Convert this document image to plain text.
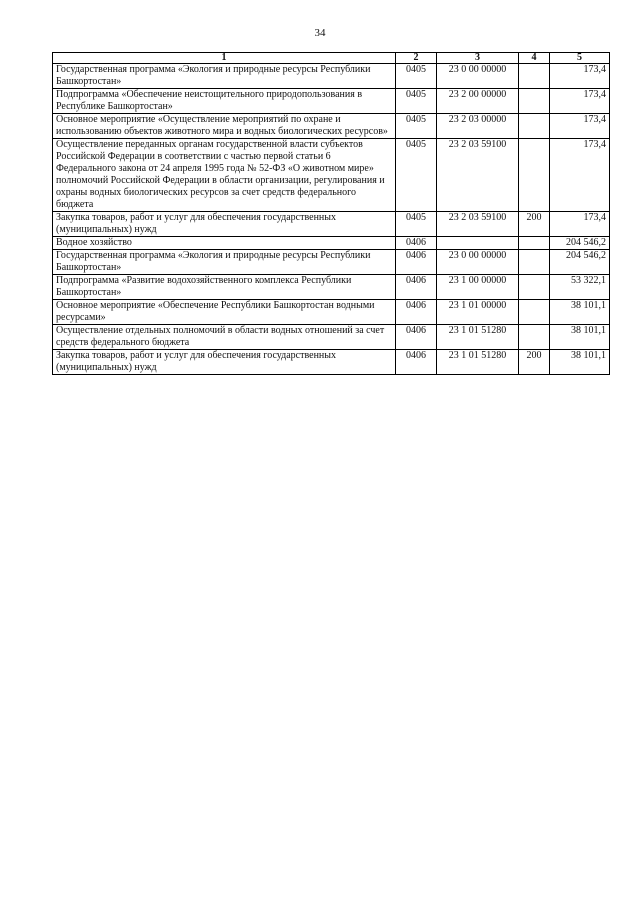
34
1	2	3	4	5
Государственная программа «Экология и природные ресурсы Республики Башкортостан»	0405	23 0 00 00000		173,4
Подпрограмма «Обеспечение неистощительного природопользования в Республике Башкортостан»	0405	23 2 00 00000		173,4
Основное мероприятие «Осуществление мероприятий по охране и использованию объектов животного мира и водных биологических ресурсов»	0405	23 2 03 00000		173,4
Осуществление переданных органам государственной власти субъектов Российской Федерации в соответствии с частью первой статьи 6 Федерального закона от 24 апреля 1995 года № 52-ФЗ «О животном мире» полномочий Российской Федерации в области организации, регулирования и охраны водных биологических ресурсов за счет средств федерального бюджета	0405	23 2 03 59100		173,4
Закупка товаров, работ и услуг для обеспечения государственных (муниципальных) нужд	0405	23 2 03 59100	200	173,4
Водное хозяйство	0406			204 546,2
Государственная программа «Экология и природные ресурсы Республики Башкортостан»	0406	23 0 00 00000		204 546,2
Подпрограмма «Развитие водохозяйственного комплекса Республики Башкортостан»	0406	23 1 00 00000		53 322,1
Основное мероприятие «Обеспечение Республики Башкортостан водными ресурсами»	0406	23 1 01 00000		38 101,1
Осуществление отдельных полномочий в области водных отношений за счет средств федерального бюджета	0406	23 1 01 51280		38 101,1
Закупка товаров, работ и услуг для обеспечения государственных (муниципальных) нужд	0406	23 1 01 51280	200	38 101,1
